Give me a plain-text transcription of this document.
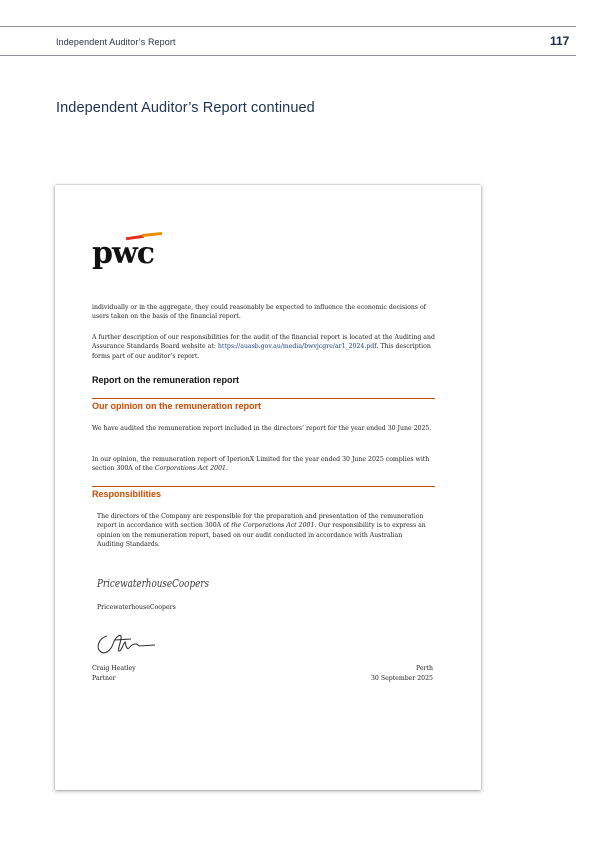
Independent Auditor’s Report	117
Independent Auditor’s Report continued
pwc
individually or in the aggregate, they could reasonably be expected to influence the economic decisions of users taken on the basis of the financial report.
A further description of our responsibilities for the audit of the financial report is located at the Auditing and Assurance Standards Board website at: https://auasb.gov.au/media/bwvjcgre/ar1_2024.pdf. This description forms part of our auditor’s report.
Report on the remuneration report
Our opinion on the remuneration report
We have audited the remuneration report included in the directors’ report for the year ended 30 June 2025.
In our opinion, the remuneration report of IperionX Limited for the year ended 30 June 2025 complies with section 300A of the Corporations Act 2001.
Responsibilities
The directors of the Company are responsible for the preparation and presentation of the remuneration report in accordance with section 300A of the Corporations Act 2001. Our responsibility is to express an opinion on the remuneration report, based on our audit conducted in accordance with Australian Auditing Standards.
PricewaterhouseCoopers
PricewaterhouseCoopers
Craig Heatley
Partner
Perth
30 September 2025
